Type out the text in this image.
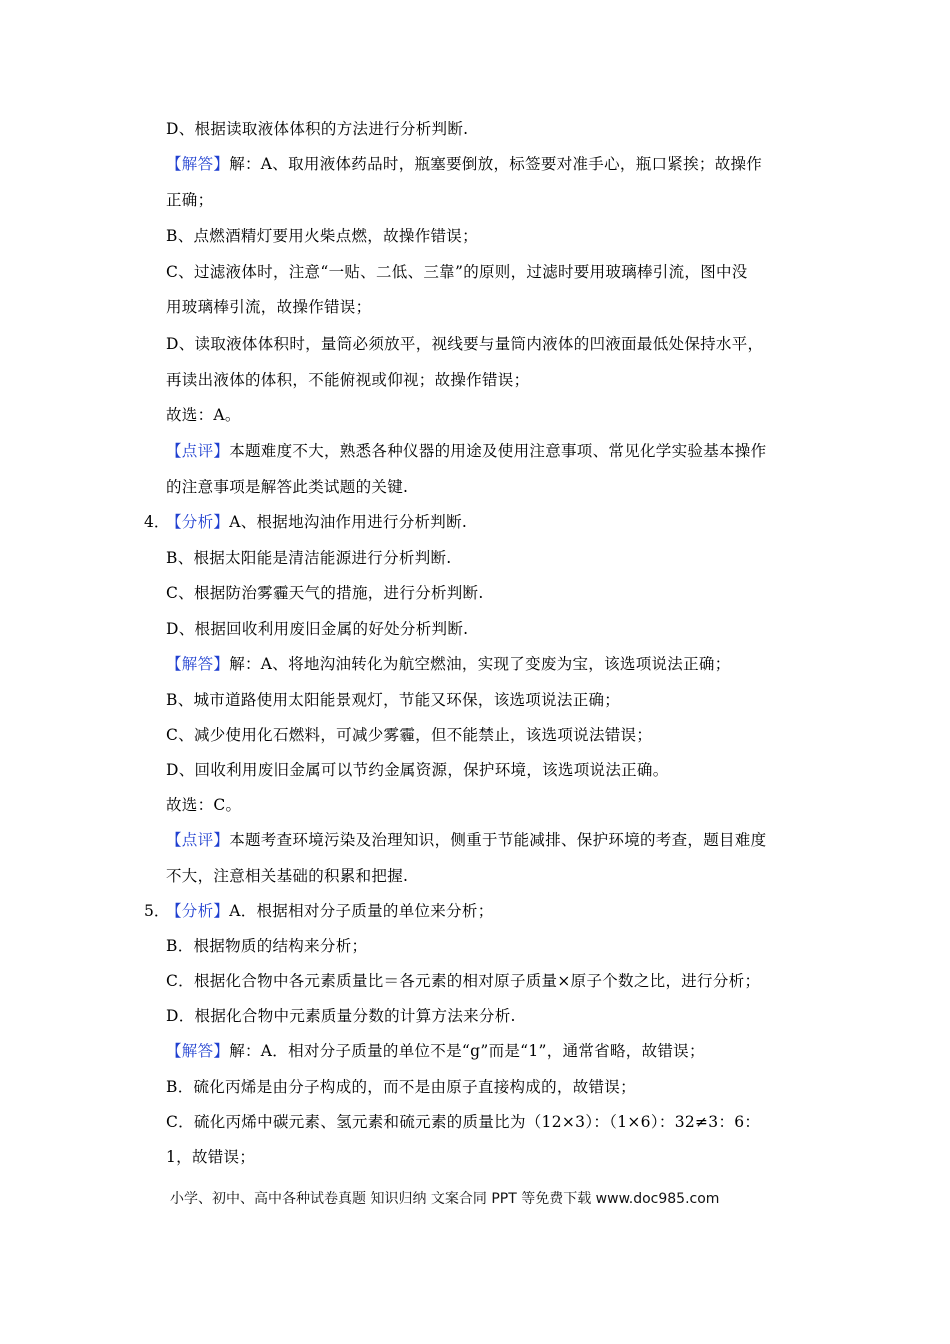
D、根据读取液体体积的方法进行分析判断.
【解答】解：A、取用液体药品时，瓶塞要倒放，标签要对准手心，瓶口紧挨；故操作
正确；
B、点燃酒精灯要用火柴点燃，故操作错误；
C、过滤液体时，注意“一贴、二低、三靠”的原则，过滤时要用玻璃棒引流，图中没
用玻璃棒引流，故操作错误；
D、读取液体体积时，量筒必须放平，视线要与量筒内液体的凹液面最低处保持水平，
再读出液体的体积，不能俯视或仰视；故操作错误；
故选：A。
【点评】本题难度不大，熟悉各种仪器的用途及使用注意事项、常见化学实验基本操作
的注意事项是解答此类试题的关键.
4．
【分析】A、根据地沟油作用进行分析判断.
B、根据太阳能是清洁能源进行分析判断.
C、根据防治雾霾天气的措施，进行分析判断.
D、根据回收利用废旧金属的好处分析判断.
【解答】解：A、将地沟油转化为航空燃油，实现了变废为宝，该选项说法正确；
B、城市道路使用太阳能景观灯，节能又环保，该选项说法正确；
C、减少使用化石燃料，可减少雾霾，但不能禁止，该选项说法错误；
D、回收利用废旧金属可以节约金属资源，保护环境，该选项说法正确。
故选：C。
【点评】本题考查环境污染及治理知识，侧重于节能减排、保护环境的考查，题目难度
不大，注意相关基础的积累和把握.
5．
【分析】A．根据相对分子质量的单位来分析；
B．根据物质的结构来分析；
C．根据化合物中各元素质量比＝各元素的相对原子质量×原子个数之比，进行分析；
D．根据化合物中元素质量分数的计算方法来分析.
【解答】解：A．相对分子质量的单位不是“g”而是“1”，通常省略，故错误；
B．硫化丙烯是由分子构成的，而不是由原子直接构成的，故错误；
C．硫化丙烯中碳元素、氢元素和硫元素的质量比为（12×3）：（1×6）：32≠3：6：
1，故错误；
小学、初中、高中各种试卷真题 知识归纳 文案合同 PPT 等免费下载 www.doc985.com
